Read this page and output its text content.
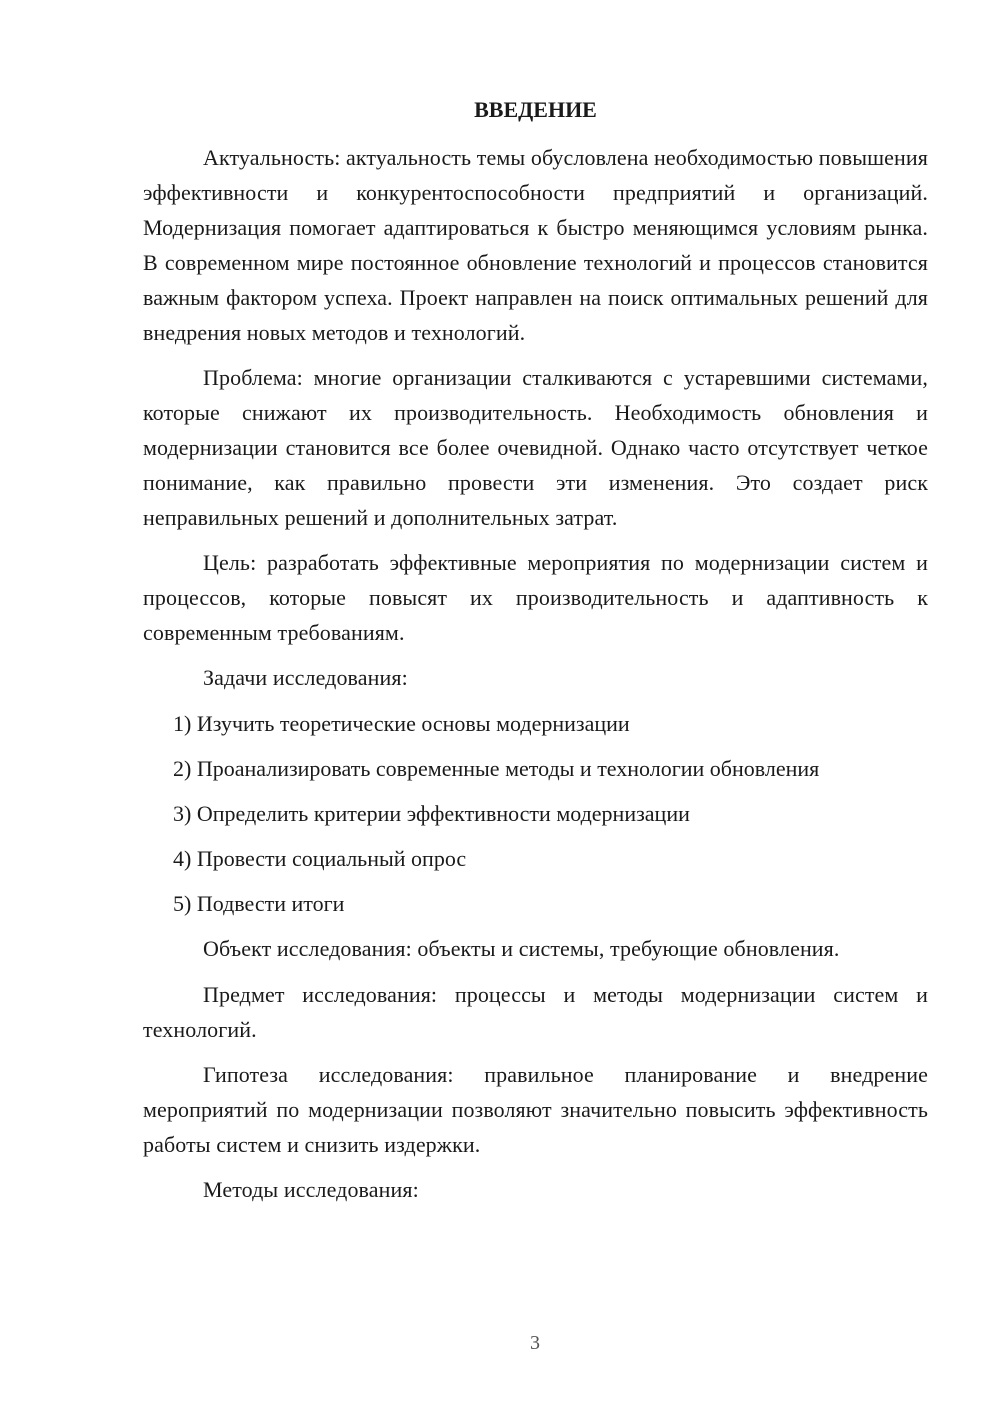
ВВЕДЕНИЕ

Актуальность: актуальность темы обусловлена необходимостью повышения эффективности и конкурентоспособности предприятий и организаций. Модернизация помогает адаптироваться к быстро меняющимся условиям рынка. В современном мире постоянное обновление технологий и процессов становится важным фактором успеха. Проект направлен на поиск оптимальных решений для внедрения новых методов и технологий.

Проблема: многие организации сталкиваются с устаревшими системами, которые снижают их производительность. Необходимость обновления и модернизации становится все более очевидной. Однако часто отсутствует четкое понимание, как правильно провести эти изменения. Это создает риск неправильных решений и дополнительных затрат.

Цель: разработать эффективные мероприятия по модернизации систем и процессов, которые повысят их производительность и адаптивность к современным требованиям.

Задачи исследования:

1) Изучить теоретические основы модернизации
2) Проанализировать современные методы и технологии обновления
3) Определить критерии эффективности модернизации
4) Провести социальный опрос
5) Подвести итоги

Объект исследования: объекты и системы, требующие обновления.

Предмет исследования: процессы и методы модернизации систем и технологий.

Гипотеза исследования: правильное планирование и внедрение мероприятий по модернизации позволяют значительно повысить эффективность работы систем и снизить издержки.

Методы исследования:

3
